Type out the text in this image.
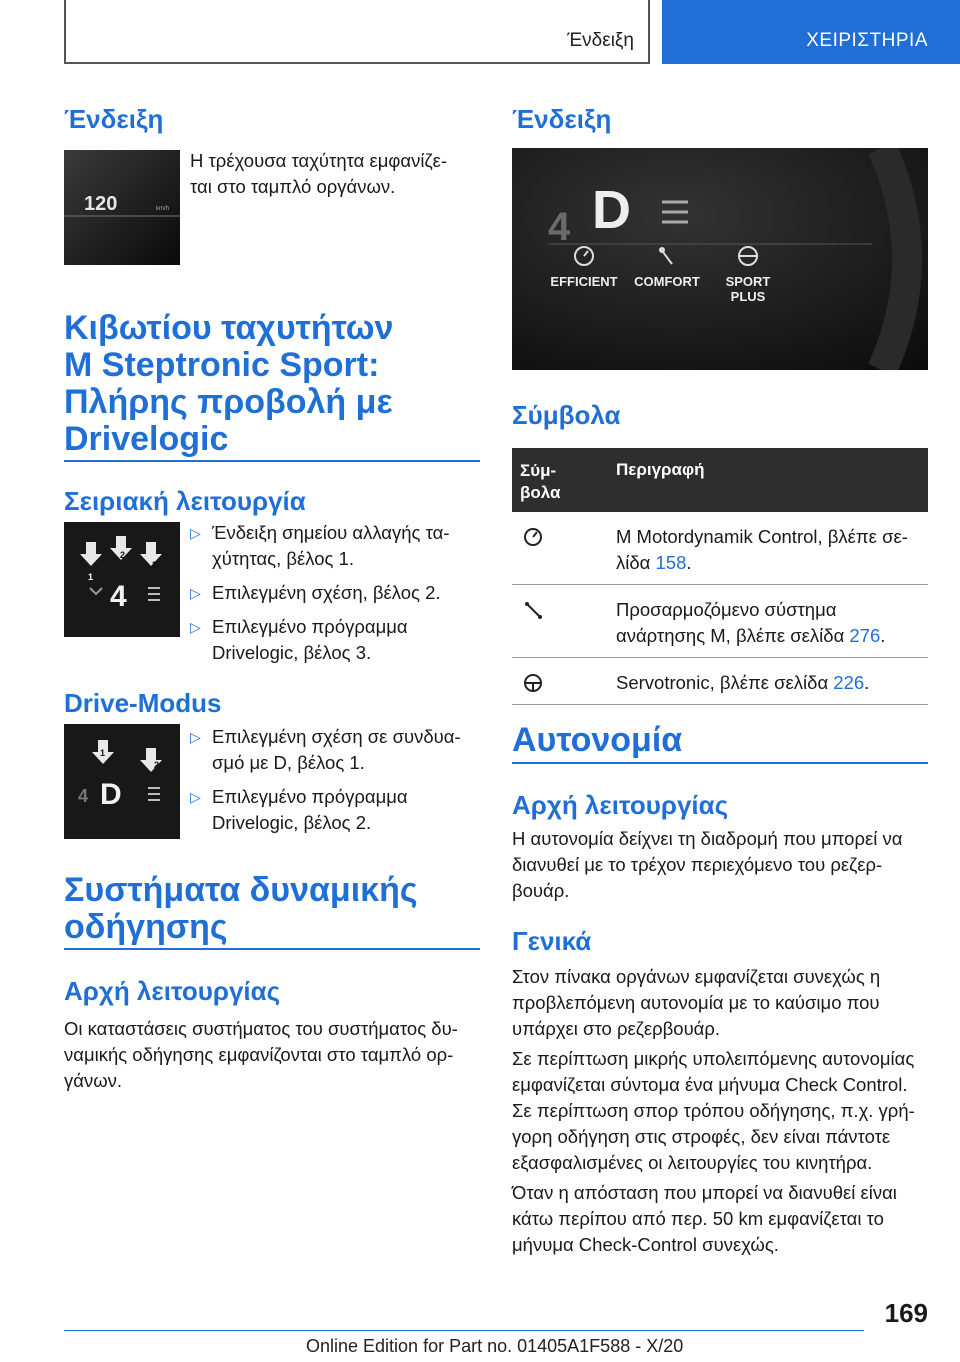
Ένδειξη	ΧΕΙΡΙΣΤΗΡΙΑ
Ένδειξη
120	km/h
Η τρέχουσα ταχύτητα εμφανίζε-
ται στο ταμπλό οργάνων.
Κιβωτίου ταχυτήτων
M Steptronic Sport:
Πλήρης προβολή με
Drivelogic
Σειριακή λειτουργία
1
2
3
4
▷ Ένδειξη σημείου αλλαγής τα-
χύτητας, βέλος 1.
▷ Επιλεγμένη σχέση, βέλος 2.
▷ Επιλεγμένο πρόγραμμα
Drivelogic, βέλος 3.
Drive-Modus
1
2
4 D
▷ Επιλεγμένη σχέση σε συνδυα-
σμό με D, βέλος 1.
▷ Επιλεγμένο πρόγραμμα
Drivelogic, βέλος 2.
Συστήματα δυναμικής
οδήγησης
Αρχή λειτουργίας
Οι καταστάσεις συστήματος του συστήματος δυ-
ναμικής οδήγησης εμφανίζονται στο ταμπλό ορ-
γάνων.
Ένδειξη
4 D
EFFICIENT COMFORT SPORT
PLUS
Σύμβολα
Σύμ-
βολα
Περιγραφή
M Motordynamik Control, βλέπε σε-
λίδα 158.
Προσαρμοζόμενο σύστημα
ανάρτησης M, βλέπε σελίδα 276.
Servotronic, βλέπε σελίδα 226.
Αυτονομία
Αρχή λειτουργίας
Η αυτονομία δείχνει τη διαδρομή που μπορεί να
διανυθεί με το τρέχον περιεχόμενο του ρεζερ-
βουάρ.
Γενικά
Στον πίνακα οργάνων εμφανίζεται συνεχώς η
προβλεπόμενη αυτονομία με το καύσιμο που
υπάρχει στο ρεζερβουάρ.
Σε περίπτωση μικρής υπολειπόμενης αυτονομίας
εμφανίζεται σύντομα ένα μήνυμα Check Control.
Σε περίπτωση σπορ τρόπου οδήγησης, π.χ. γρή-
γορη οδήγηση στις στροφές, δεν είναι πάντοτε
εξασφαλισμένες οι λειτουργίες του κινητήρα.
Όταν η απόσταση που μπορεί να διανυθεί είναι
κάτω περίπου από περ. 50 km εμφανίζεται το
μήνυμα Check-Control συνεχώς.
169
Online Edition for Part no. 01405A1F588 - X/20
